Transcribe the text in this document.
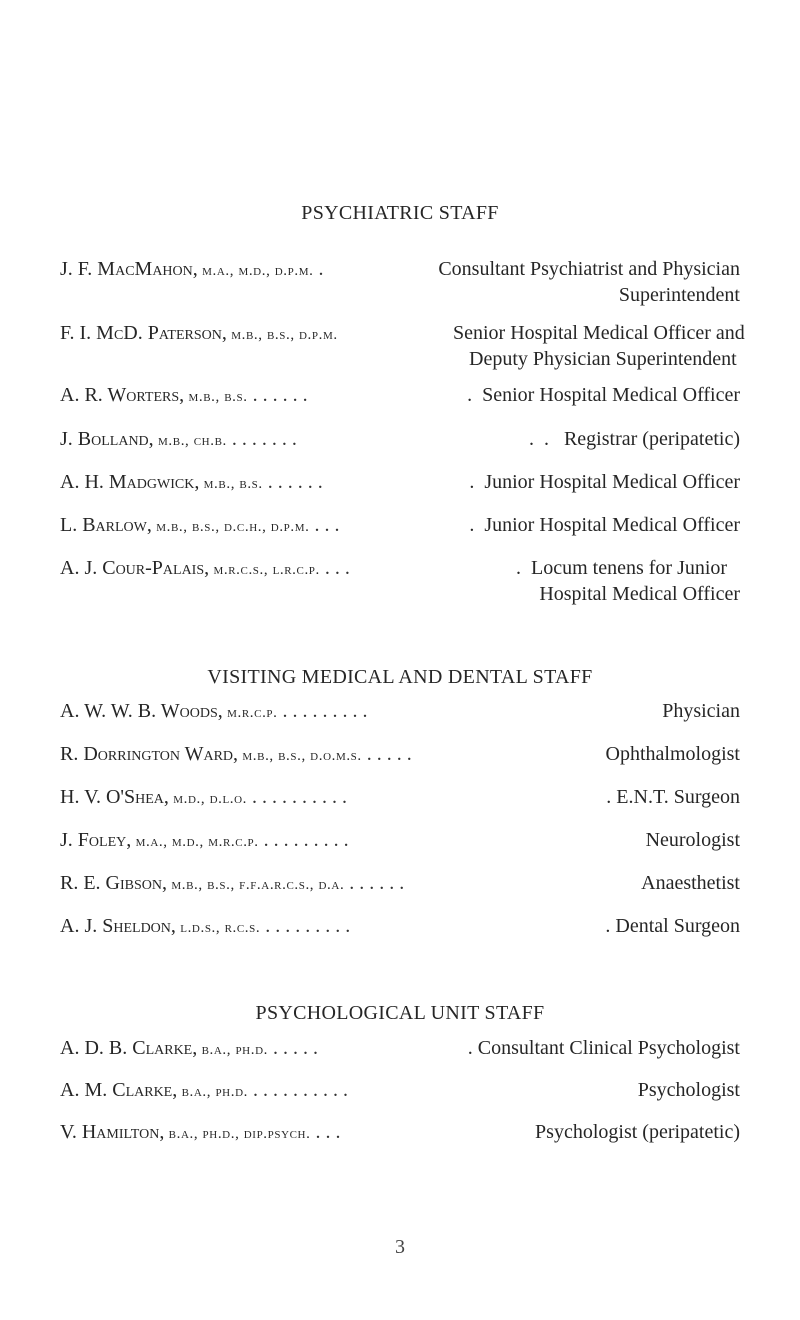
PSYCHIATRIC STAFF
J. F. MacMahon, m.a., m.d., d.p.m. .	Consultant Psychiatrist and Physician
Superintendent
F. I. McD. Paterson, m.b., b.s., d.p.m.	Senior Hospital Medical Officer and
Deputy Physician Superintendent
A. R. Worters, m.b., b.s. . . . . . .	.  Senior Hospital Medical Officer
J. Bolland, m.b., ch.b. . . . . . . .	.  .   Registrar (peripatetic)
A. H. Madgwick, m.b., b.s. . . . . . .	.  Junior Hospital Medical Officer
L. Barlow, m.b., b.s., d.c.h., d.p.m. . . .	.  Junior Hospital Medical Officer
A. J. Cour-Palais, m.r.c.s., l.r.c.p. . . .	.  Locum tenens for Junior
Hospital Medical Officer
VISITING MEDICAL AND DENTAL STAFF
A. W. W. B. Woods, m.r.c.p. . . . . . . . . .	Physician
R. Dorrington Ward, m.b., b.s., d.o.m.s. . . . . .	Ophthalmologist
H. V. O'Shea, m.d., d.l.o. . . . . . . . . . .	. E.N.T. Surgeon
J. Foley, m.a., m.d., m.r.c.p. . . . . . . . . .	Neurologist
R. E. Gibson, m.b., b.s., f.f.a.r.c.s., d.a. . . . . . .	Anaesthetist
A. J. Sheldon, l.d.s., r.c.s. . . . . . . . . .	. Dental Surgeon
PSYCHOLOGICAL UNIT STAFF
A. D. B. Clarke, b.a., ph.d. . . . . .	. Consultant Clinical Psychologist
A. M. Clarke, b.a., ph.d. . . . . . . . . . .	Psychologist
V. Hamilton, b.a., ph.d., dip.psych. . . .	Psychologist (peripatetic)
3
